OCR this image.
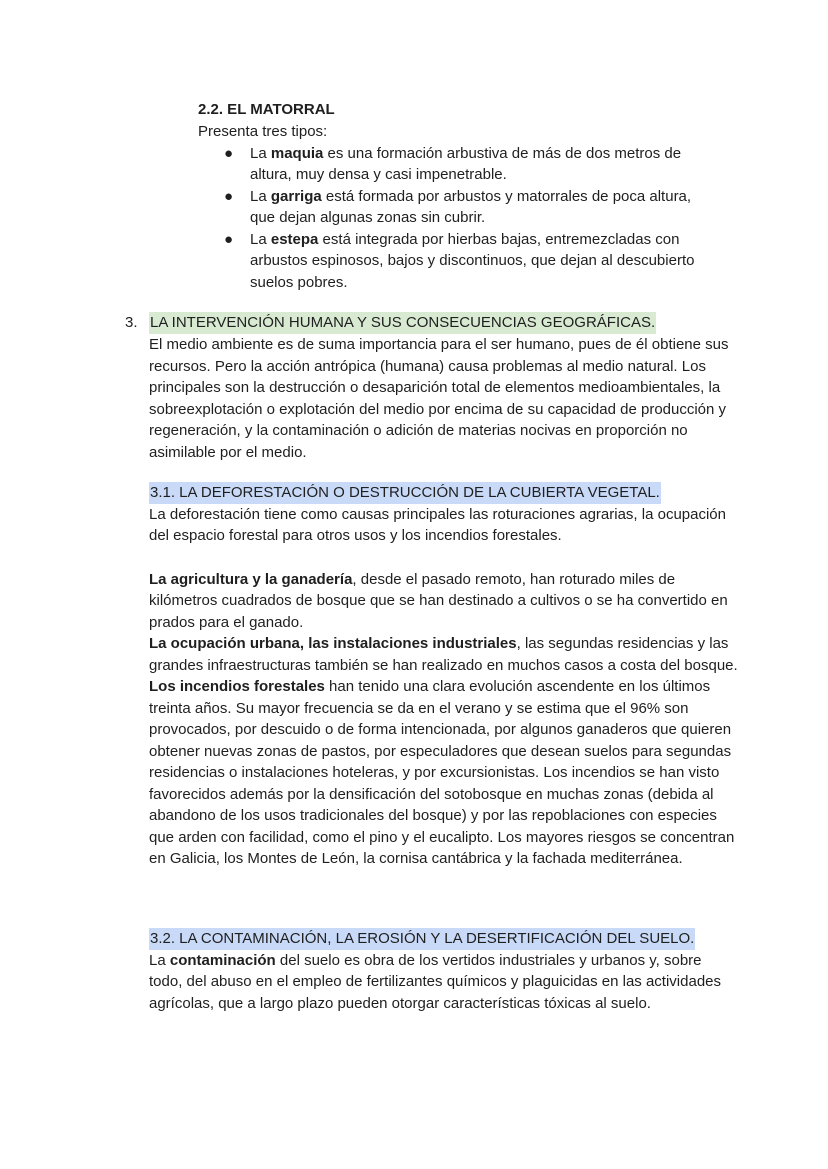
2.2. EL MATORRAL

Presenta tres tipos:

● La maquia es una formación arbustiva de más de dos metros de altura, muy densa y casi impenetrable.
● La garriga está formada por arbustos y matorrales de poca altura, que dejan algunas zonas sin cubrir.
● La estepa está integrada por hierbas bajas, entremezcladas con arbustos espinosos, bajos y discontinuos, que dejan al descubierto suelos pobres.
3. LA INTERVENCIÓN HUMANA Y SUS CONSECUENCIAS GEOGRÁFICAS.

El medio ambiente es de suma importancia para el ser humano, pues de él obtiene sus recursos. Pero la acción antrópica (humana) causa problemas al medio natural. Los principales son la destrucción o desaparición total de elementos medioambientales, la sobreexplotación o explotación del medio por encima de su capacidad de producción y regeneración, y la contaminación o adición de materias nocivas en proporción no asimilable por el medio.

3.1. LA DEFORESTACIÓN O DESTRUCCIÓN DE LA CUBIERTA VEGETAL.

La deforestación tiene como causas principales las roturaciones agrarias, la ocupación del espacio forestal para otros usos y los incendios forestales.

La agricultura y la ganadería, desde el pasado remoto, han roturado miles de kilómetros cuadrados de bosque que se han destinado a cultivos o se ha convertido en prados para el ganado.

La ocupación urbana, las instalaciones industriales, las segundas residencias y las grandes infraestructuras también se han realizado en muchos casos a costa del bosque.

Los incendios forestales han tenido una clara evolución ascendente en los últimos treinta años. Su mayor frecuencia se da en el verano y se estima que el 96% son provocados, por descuido o de forma intencionada, por algunos ganaderos que quieren obtener nuevas zonas de pastos, por especuladores que desean suelos para segundas residencias o instalaciones hoteleras, y por excursionistas. Los incendios se han visto favorecidos además por la densificación del sotobosque en muchas zonas (debida al abandono de los usos tradicionales del bosque) y por las repoblaciones con especies que arden con facilidad, como el pino y el eucalipto. Los mayores riesgos se concentran en Galicia, los Montes de León, la cornisa cantábrica y la fachada mediterránea.

3.2. LA CONTAMINACIÓN, LA EROSIÓN Y LA DESERTIFICACIÓN DEL SUELO.

La contaminación del suelo es obra de los vertidos industriales y urbanos y, sobre todo, del abuso en el empleo de fertilizantes químicos y plaguicidas en las actividades agrícolas, que a largo plazo pueden otorgar características tóxicas al suelo.
